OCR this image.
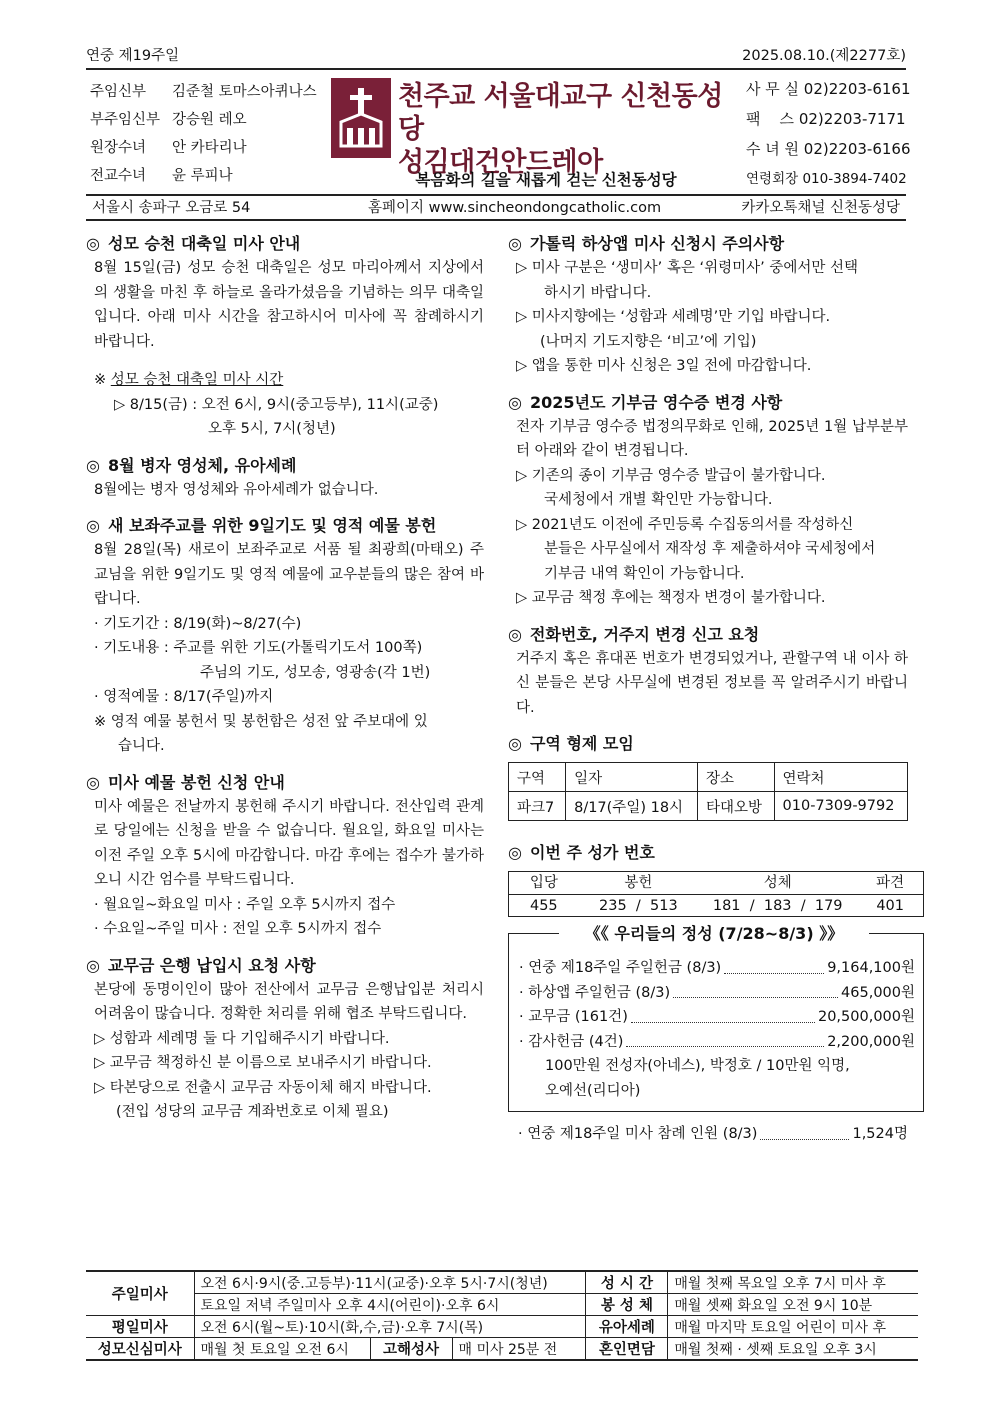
연중 제19주일	2025.08.10.(제2277호)
주임신부 김준철 토마스아퀴나스
부주임신부 강승원 레오
원장수녀 안 카타리나
전교수녀 윤 루피나
천주교 서울대교구 신천동성당
성김대건안드레아
복음화의 길을 새롭게 걷는 신천동성당
사 무 실 02)2203-6161
팩    스 02)2203-7171
수 녀 원 02)2203-6166
연령회장 010-3894-7402
서울시 송파구 오금로 54	홈페이지 www.sincheondongcatholic.com	카카오톡채널 신천동성당
◎ 성모 승천 대축일 미사 안내

8월 15일(금) 성모 승천 대축일은 성모 마리아께서 지상에서의 생활을 마친 후 하늘로 올라가셨음을 기념하는 의무 대축일입니다. 아래 미사 시간을 참고하시어 미사에 꼭 참례하시기 바랍니다.

※ 성모 승천 대축일 미사 시간
▷ 8/15(금) : 오전 6시, 9시(중고등부), 11시(교중)
오후 5시, 7시(청년)
◎ 8월 병자 영성체, 유아세례

8월에는 병자 영성체와 유아세례가 없습니다.

◎ 새 보좌주교를 위한 9일기도 및 영적 예물 봉헌

8월 28일(목) 새로이 보좌주교로 서품 될 최광희(마태오) 주교님을 위한 9일기도 및 영적 예물에 교우분들의 많은 참여 바랍니다.

· 기도기간 : 8/19(화)~8/27(수)
· 기도내용 : 주교를 위한 기도(가톨릭기도서 100쪽)
주님의 기도, 성모송, 영광송(각 1번)
· 영적예물 : 8/17(주일)까지
※ 영적 예물 봉헌서 및 봉헌함은 성전 앞 주보대에 있
습니다.
◎ 미사 예물 봉헌 신청 안내

미사 예물은 전날까지 봉헌해 주시기 바랍니다. 전산입력 관계로 당일에는 신청을 받을 수 없습니다. 월요일, 화요일 미사는 이전 주일 오후 5시에 마감합니다. 마감 후에는 접수가 불가하오니 시간 엄수를 부탁드립니다.

· 월요일~화요일 미사 : 주일 오후 5시까지 접수
· 수요일~주일 미사 : 전일 오후 5시까지 접수
◎ 교무금 은행 납입시 요청 사항

본당에 동명이인이 많아 전산에서 교무금 은행납입분 처리시 어려움이 많습니다. 정확한 처리를 위해 협조 부탁드립니다.

▷ 성함과 세례명 둘 다 기입해주시기 바랍니다.
▷ 교무금 책정하신 분 이름으로 보내주시기 바랍니다.
▷ 타본당으로 전출시 교무금 자동이체 해지 바랍니다.
(전입 성당의 교무금 계좌번호로 이체 필요)
◎ 가톨릭 하상앱 미사 신청시 주의사항
▷ 미사 구분은 ‘생미사’ 혹은 ‘위령미사’ 중에서만 선택
하시기 바랍니다.
▷ 미사지향에는 ‘성함과 세례명’만 기입 바랍니다.
(나머지 기도지향은 ‘비고’에 기입)
▷ 앱을 통한 미사 신청은 3일 전에 마감합니다.
◎ 2025년도 기부금 영수증 변경 사항

전자 기부금 영수증 법정의무화로 인해, 2025년 1월 납부분부터 아래와 같이 변경됩니다.

▷ 기존의 종이 기부금 영수증 발급이 불가합니다.
국세청에서 개별 확인만 가능합니다.
▷ 2021년도 이전에 주민등록 수집동의서를 작성하신
분들은 사무실에서 재작성 후 제출하셔야 국세청에서
기부금 내역 확인이 가능합니다.
▷ 교무금 책정 후에는 책정자 변경이 불가합니다.
◎ 전화번호, 거주지 변경 신고 요청

거주지 혹은 휴대폰 번호가 변경되었거나, 관할구역 내 이사 하신 분들은 본당 사무실에 변경된 정보를 꼭 알려주시기 바랍니다.

◎ 구역 형제 모임
구역	일자	장소	연락처
파크7	8/17(주일) 18시	타대오방	010-7309-9792
◎ 이번 주 성가 번호
입당	봉헌	성체	파견
455	235  /  513	181  /  183  /  179	401
《《 우리들의 정성 (7/28~8/3) 》》
· 연중 제18주일 주일헌금 (8/3)	9,164,100원
· 하상앱 주일헌금 (8/3)	465,000원
· 교무금 (161건)	20,500,000원
· 감사헌금 (4건)	2,200,000원
100만원 전성자(아네스), 박정호 / 10만원 익명,
오예선(리디아)
· 연중 제18주일 미사 참례 인원 (8/3)	1,524명
주일미사	오전 6시·9시(중.고등부)·11시(교중)·오후 5시·7시(청년)			성 시 간	매월 첫째 목요일 오후 7시 미사 후
	토요일 저녁 주일미사 오후 4시(어린이)·오후 6시			봉 성 체	매월 셋째 화요일 오전 9시 10분
평일미사	오전 6시(월~토)·10시(화,수,금)·오후 7시(목)			유아세례	매월 마지막 토요일 어린이 미사 후
성모신심미사	매월 첫 토요일 오전 6시	고해성사	매 미사 25분 전	혼인면담	매월 첫째 · 셋째 토요일 오후 3시
